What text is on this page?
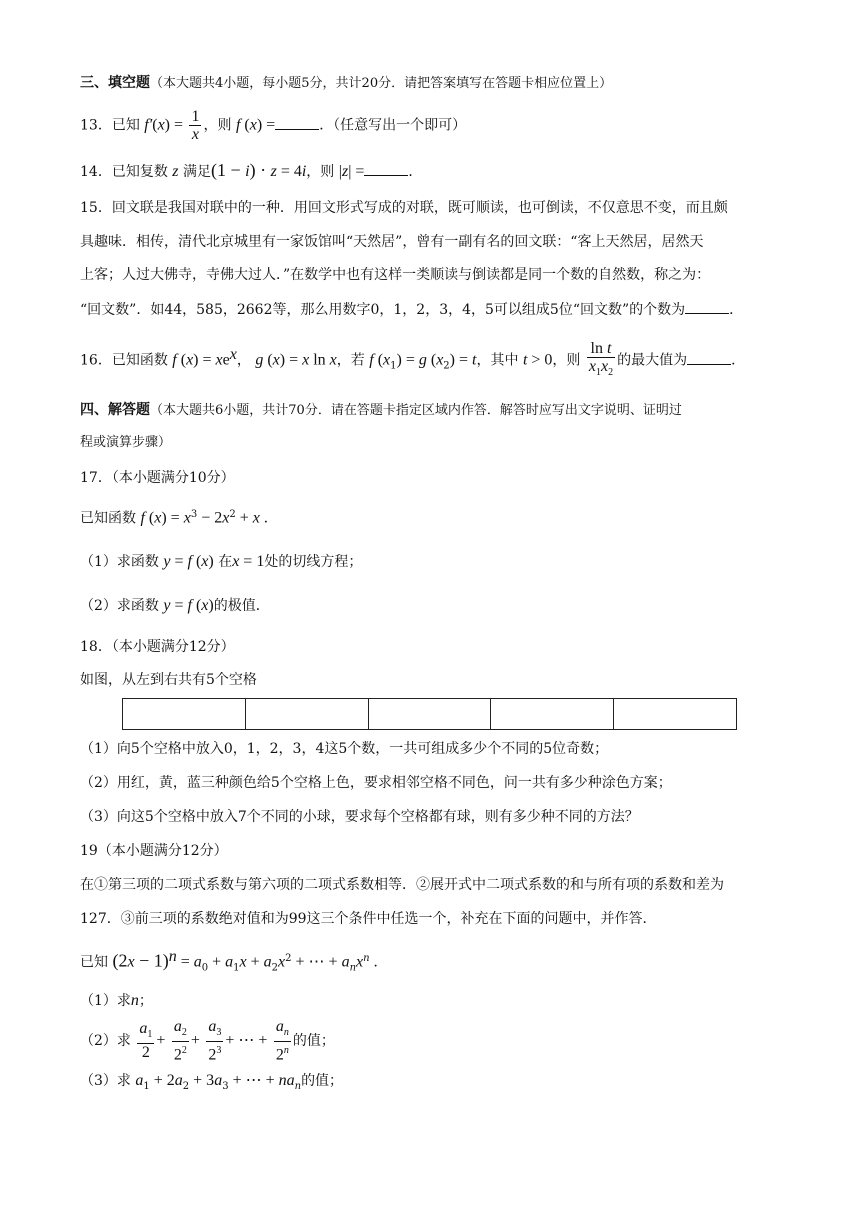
三、填空题（本大题共4小题，每小题5分，共计20分．请把答案填写在答题卡相应位置上）
13．已知 $f'(x) = \frac{1}{x}$ ，则 f (x) =	．（任意写出一个即可）
14．已知复数 z 满足(1 − i) · z = 4i，则 |z| =	．
15．回文联是我国对联中的一种．用回文形式写成的对联，既可顺读，也可倒读，不仅意思不变，而且颇
具趣味．相传，清代北京城里有一家饭馆叫“天然居”，曾有一副有名的回文联：“客上天然居，居然天
上客；人过大佛寺，寺佛大过人．”在数学中也有这样一类顺读与倒读都是同一个数的自然数，称之为：
“回文数”．如44，585，2662等，那么用数字0，1，2，3，4，5可以组成5位“回文数”的个数为	．
16．已知函数 f $(x) = xe^x$， g (x) = x ln x，若 f $(x_1) = g$ $(x_2) = t$，其中 t > 0，则 $\frac{\text{ln t}}{x_1x_2}$ 的最大值为	．
四、解答题（本大题共6小题，共计70分．请在答题卡指定区域内作答．解答时应写出文字说明、证明过
程或演算步骤）
17．（本小题满分10分）
已知函数 f $(x) = x^3 - 2x^2 + x$ .
（1）求函数 y = f (x) 在x = 1处的切线方程；
（2）求函数 y = f (x)的极值．
18．（本小题满分12分）
如图，从左到右共有5个空格
（1）向5个空格中放入0，1，2，3，4这5个数，一共可组成多少个不同的5位奇数；
（2）用红，黄，蓝三种颜色给5个空格上色，要求相邻空格不同色，问一共有多少种涂色方案；
（3）向这5个空格中放入7个不同的小球，要求每个空格都有球，则有多少种不同的方法？
19（本小题满分12分）
在①第三项的二项式系数与第六项的二项式系数相等．②展开式中二项式系数的和与所有项的系数和差为
127．③前三项的系数绝对值和为99这三个条件中任选一个，补充在下面的问题中，并作答．
已知 $(2x - 1)^n = a_0 + a_1x + a_2x^2$ + ⋯ + $a_nx^n$ .
（1）求n；
（2）求 $\frac{a_1}{2} + \frac{a_2}{2^2} + \frac{a_3}{2^3}$ + ⋯ + $\frac{a_n}{2^n}$ 的值；
（3）求 $a_1 + 2a_2 + 3a_3$ + ⋯ + $na_n$的值；
